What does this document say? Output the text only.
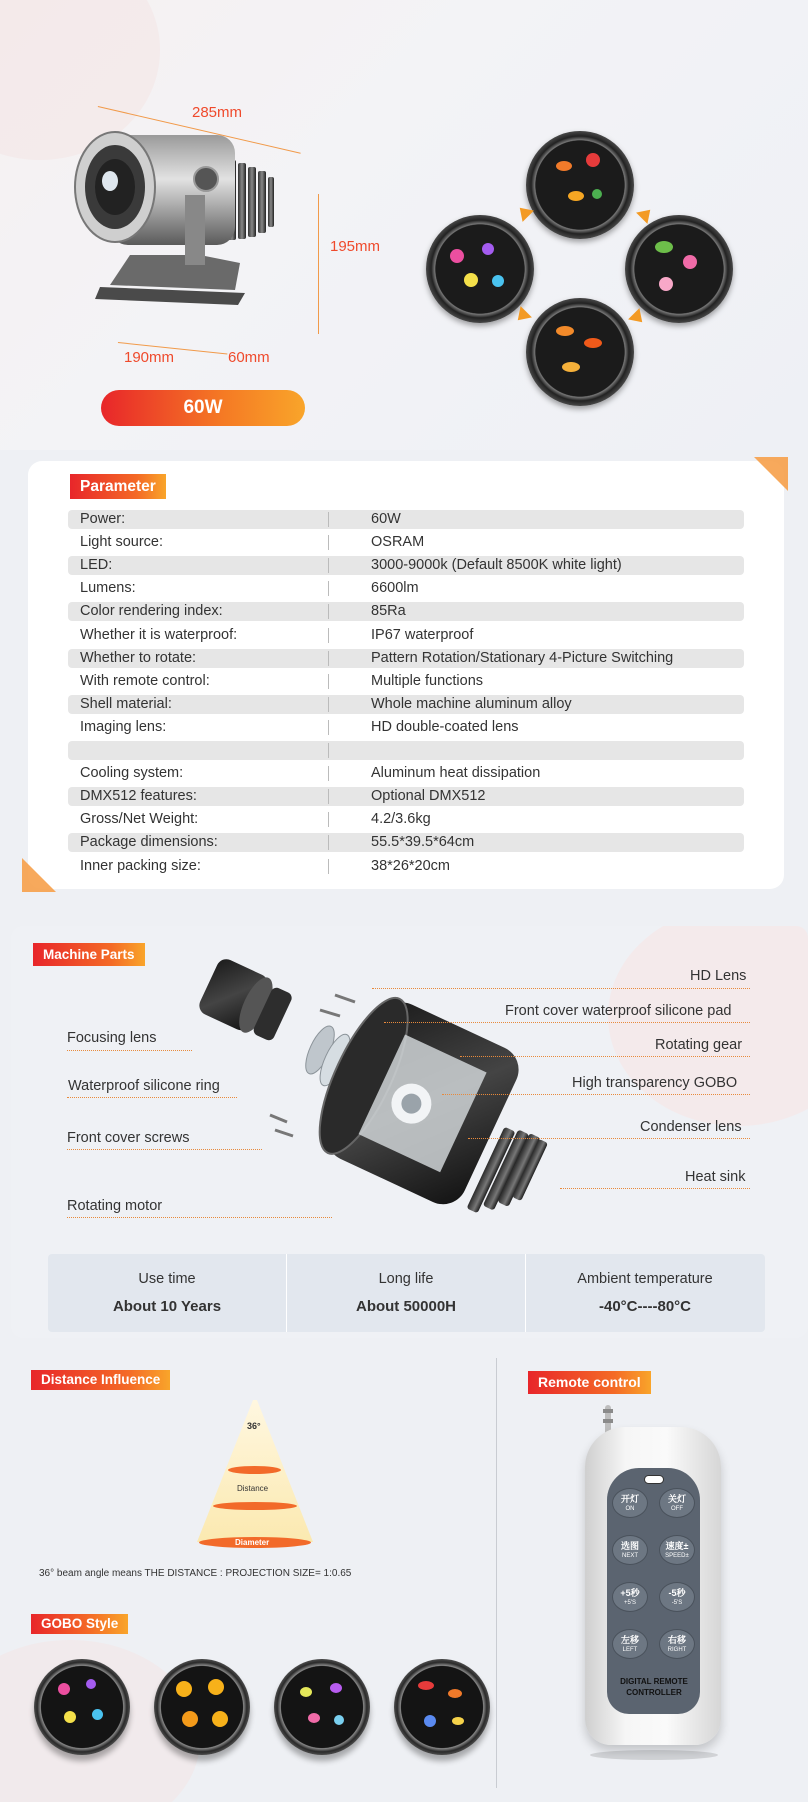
285mm
195mm
190mm	60mm
60W
Parameter
Power:	60W
Light source:	OSRAM
LED:	3000-9000k (Default 8500K white light)
Lumens:	6600lm
Color rendering index:	85Ra
Whether it is waterproof:	IP67 waterproof
Whether to rotate:	Pattern Rotation/Stationary 4-Picture Switching
With remote control:	Multiple functions
Shell material:	Whole machine aluminum alloy
Imaging lens:	HD double-coated lens
Cooling system:	Aluminum heat dissipation
DMX512 features:	Optional DMX512
Gross/Net Weight:	4.2/3.6kg
Package dimensions:	55.5*39.5*64cm
Inner packing size:	38*26*20cm
Machine Parts
Focusing lens
Waterproof silicone ring
Front cover screws
Rotating motor
HD Lens
Front cover waterproof silicone pad
Rotating gear
High transparency GOBO
Condenser lens
Heat sink
Use time
About 10 Years
Long life
About 50000H
Ambient temperature
-40°C----80°C
Distance Influence
36°
Distance
Diameter
36° beam angle means THE DISTANCE : PROJECTION SIZE= 1:0.65
GOBO Style
Remote control
开灯
ON
关灯
OFF
选图
NEXT
速度±
SPEED±
+5秒
+5'S
-5秒
-5'S
左移
LEFT
右移
RIGHT
DIGITAL REMOTE
CONTROLLER
